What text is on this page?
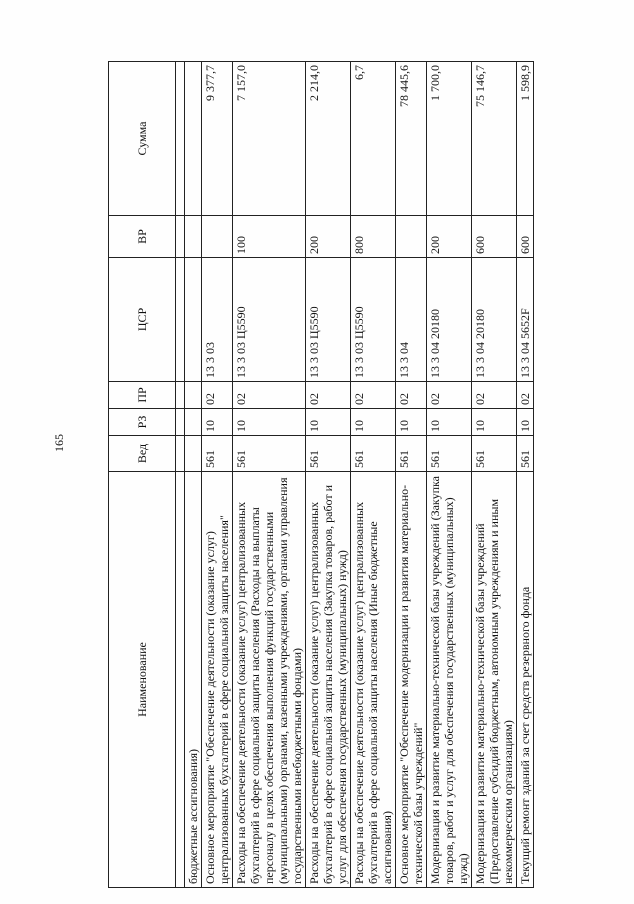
165
Наименование	Вед	РЗ	ПР	ЦСР	ВР	Сумма

бюджетные ассигнования)						
Основное мероприятие "Обеспечение деятельности (оказание услуг) централизованных бухгалтерий в сфере социальной защиты населения"	561	10	02	13 3 03		9 377,7
Расходы на обеспечение деятельности (оказание услуг) централизованных бухгалтерий в сфере социальной защиты населения (Расходы на выплаты персоналу в целях обеспечения выполнения функций государственными (муниципальными) органами, казенными учреждениями, органами управления государственными внебюджетными фондами)	561	10	02	13 3 03 Ц5590	100	7 157,0
Расходы на обеспечение деятельности (оказание услуг) централизованных бухгалтерий в сфере социальной защиты населения (Закупка товаров, работ и услуг для обеспечения государственных (муниципальных) нужд)	561	10	02	13 3 03 Ц5590	200	2 214,0
Расходы на обеспечение деятельности (оказание услуг) централизованных бухгалтерий в сфере социальной защиты населения (Иные бюджетные ассигнования)	561	10	02	13 3 03 Ц5590	800	6,7
Основное мероприятие "Обеспечение модернизации и развития материально-технической базы учреждений"	561	10	02	13 3 04		78 445,6
Модернизация и развитие материально-технической базы учреждений (Закупка товаров, работ и услуг для обеспечения государственных (муниципальных) нужд)	561	10	02	13 3 04 20180	200	1 700,0
Модернизация и развитие материально-технической базы учреждений (Предоставление субсидий бюджетным, автономным учреждениям и иным некоммерческим организациям)	561	10	02	13 3 04 20180	600	75 146,7
Текущий ремонт зданий за счет средств резервного фонда	561	10	02	13 3 04 5652F	600	1 598,9
